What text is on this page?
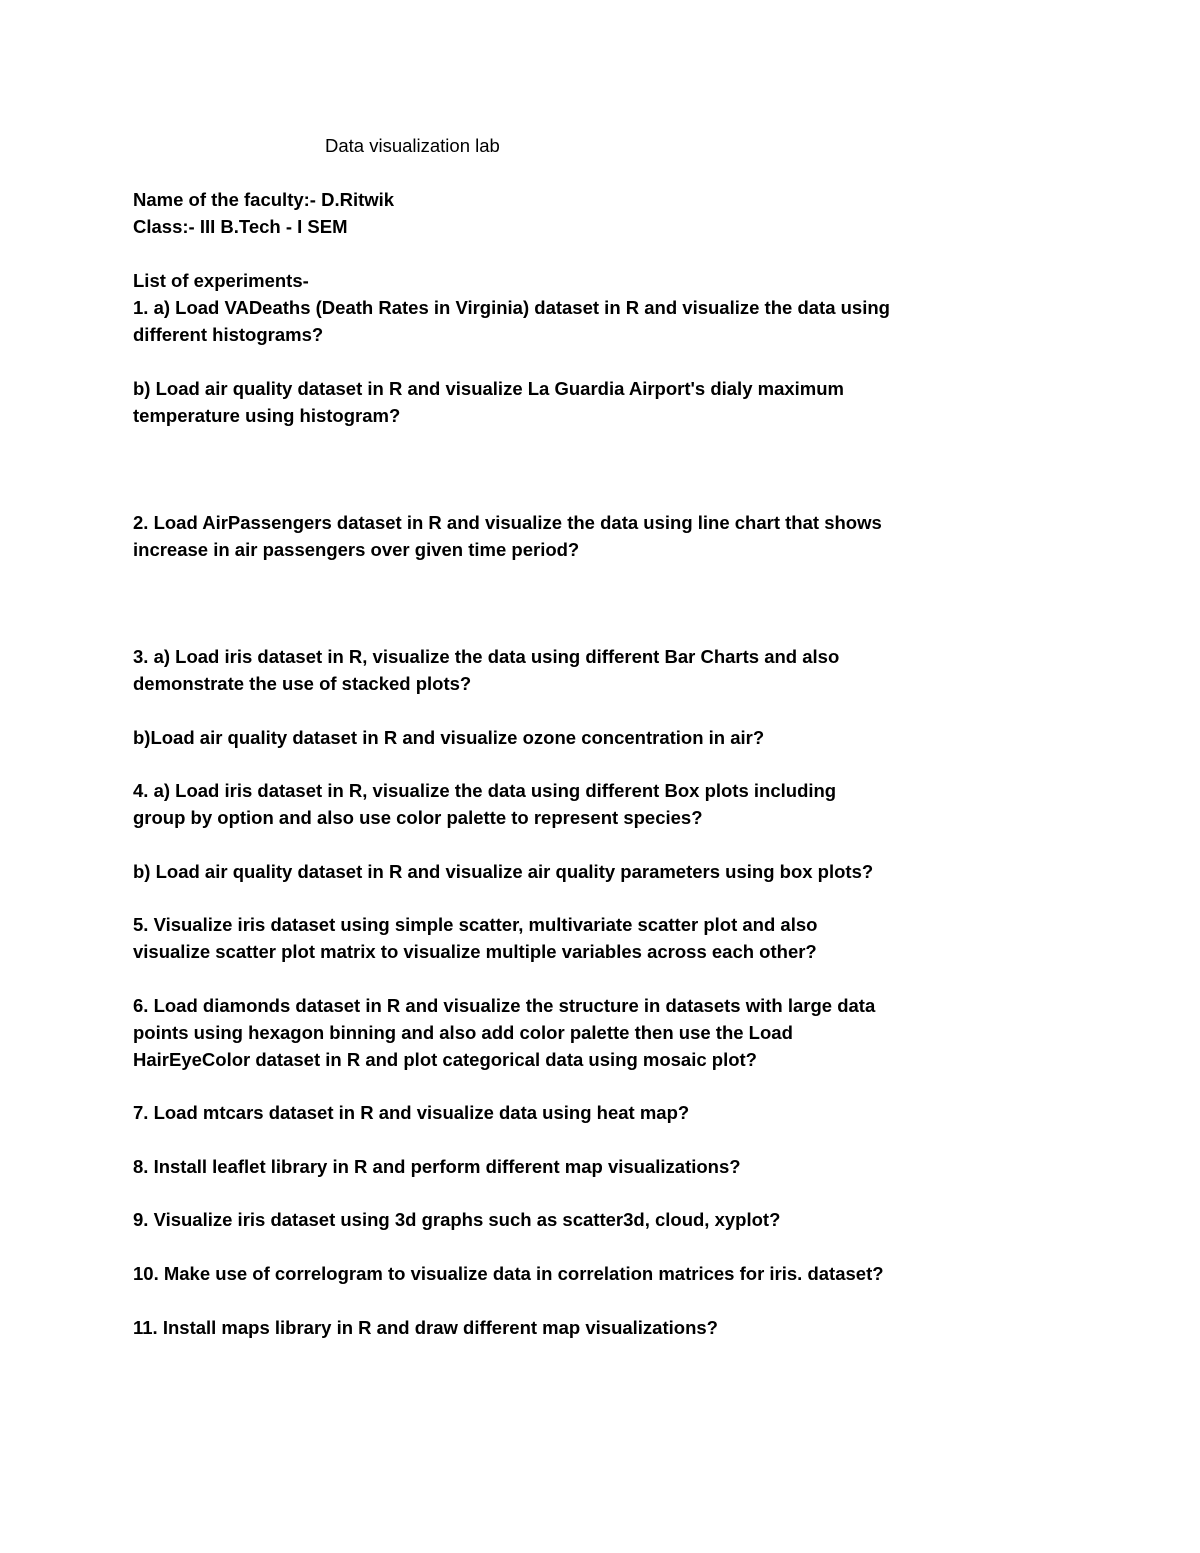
Data visualization lab
Name of the faculty:- D.Ritwik
Class:- III B.Tech - I SEM
List of experiments-
1. a) Load VADeaths (Death Rates in Virginia) dataset in R and visualize the data using
different histograms?
b) Load air quality dataset in R and visualize La Guardia Airport's dialy maximum
temperature using histogram?
2. Load AirPassengers dataset in R and visualize the data using line chart that shows
increase in air passengers over given time period?
3. a) Load iris dataset in R, visualize the data using different Bar Charts and also
demonstrate the use of stacked plots?
b)Load air quality dataset in R and visualize ozone concentration in air?
4. a) Load iris dataset in R, visualize the data using different Box plots including
group by option and also use color palette to represent species?
b) Load air quality dataset in R and visualize air quality parameters using box plots?
5. Visualize iris dataset using simple scatter, multivariate scatter plot and also
visualize scatter plot matrix to visualize multiple variables across each other?
6. Load diamonds dataset in R and visualize the structure in datasets with large data
points using hexagon binning and also add color palette then use the Load
HairEyeColor dataset in R and plot categorical data using mosaic plot?
7. Load mtcars dataset in R and visualize data using heat map?
8. Install leaflet library in R and perform different map visualizations?
9. Visualize iris dataset using 3d graphs such as scatter3d, cloud, xyplot?
10. Make use of correlogram to visualize data in correlation matrices for iris. dataset?
11. Install maps library in R and draw different map visualizations?
